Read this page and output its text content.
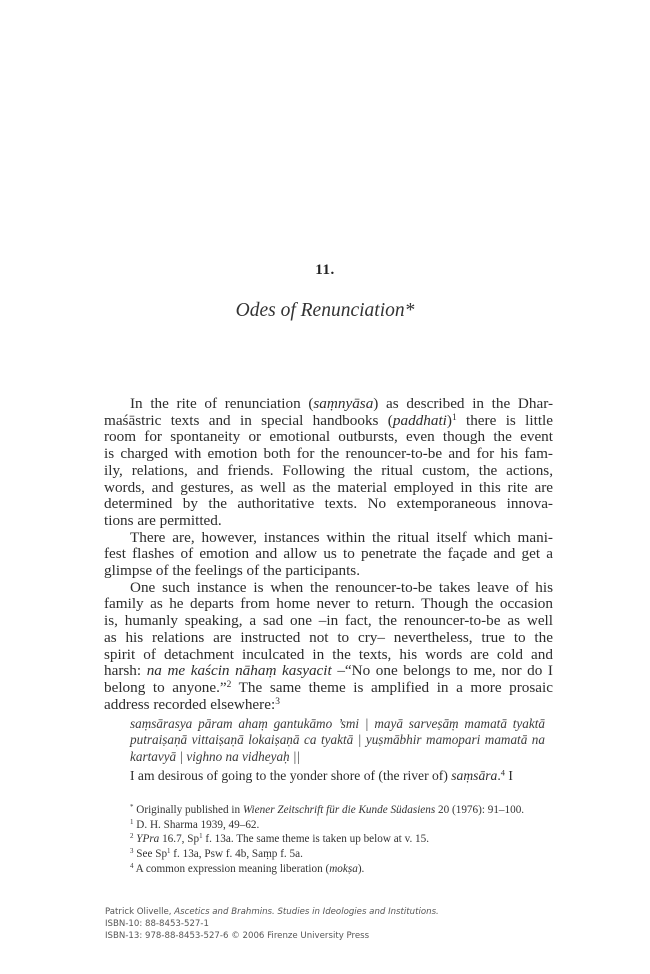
11.
Odes of Renunciation*
In the rite of renunciation (saṃnyāsa) as described in the Dhar-
maśāstric texts and in special handbooks (paddhati)$^1$ there is little
room for spontaneity or emotional outbursts, even though the event
is charged with emotion both for the renouncer-to-be and for his fam-
ily, relations, and friends. Following the ritual custom, the actions,
words, and gestures, as well as the material employed in this rite are
determined by the authoritative texts. No extemporaneous innova-
tions are permitted.
There are, however, instances within the ritual itself which mani-
fest flashes of emotion and allow us to penetrate the façade and get a
glimpse of the feelings of the participants.
One such instance is when the renouncer-to-be takes leave of his
family as he departs from home never to return. Though the occasion
is, humanly speaking, a sad one –in fact, the renouncer-to-be as well
as his relations are instructed not to cry– nevertheless, true to the
spirit of detachment inculcated in the texts, his words are cold and
harsh: na me kaścin nāhaṃ kasyacit –“No one belongs to me, nor do I
belong to anyone.”$^2$ The same theme is amplified in a more prosaic
address recorded elsewhere:$^3$
saṃsārasya pāram ahaṃ gantukāmo ’smi | mayā sarveṣāṃ mamatā tyaktā
putraiṣaṇā vittaiṣaṇā lokaiṣaṇā ca tyaktā | yuṣmābhir mamopari mamatā na
kartavyā | vighno na vidheyaḥ ||
I am desirous of going to the yonder shore of (the river of) saṃsāra.$^4$ I
* Originally published in Wiener Zeitschrift für die Kunde Südasiens 20 (1976): 91–100.
$^1$ D. H. Sharma 1939, 49–62.
$^2$ YPra 16.7, Sp$^1$ f. 13a. The same theme is taken up below at v. 15.
$^3$ See Sp$^1$ f. 13a, Psw f. 4b, Saṃp f. 5a.
$^4$ A common expression meaning liberation (mokṣa).
Patrick Olivelle, Ascetics and Brahmins. Studies in Ideologies and Institutions.
ISBN-10: 88-8453-527-1
ISBN-13: 978-88-8453-527-6 © 2006 Firenze University Press
